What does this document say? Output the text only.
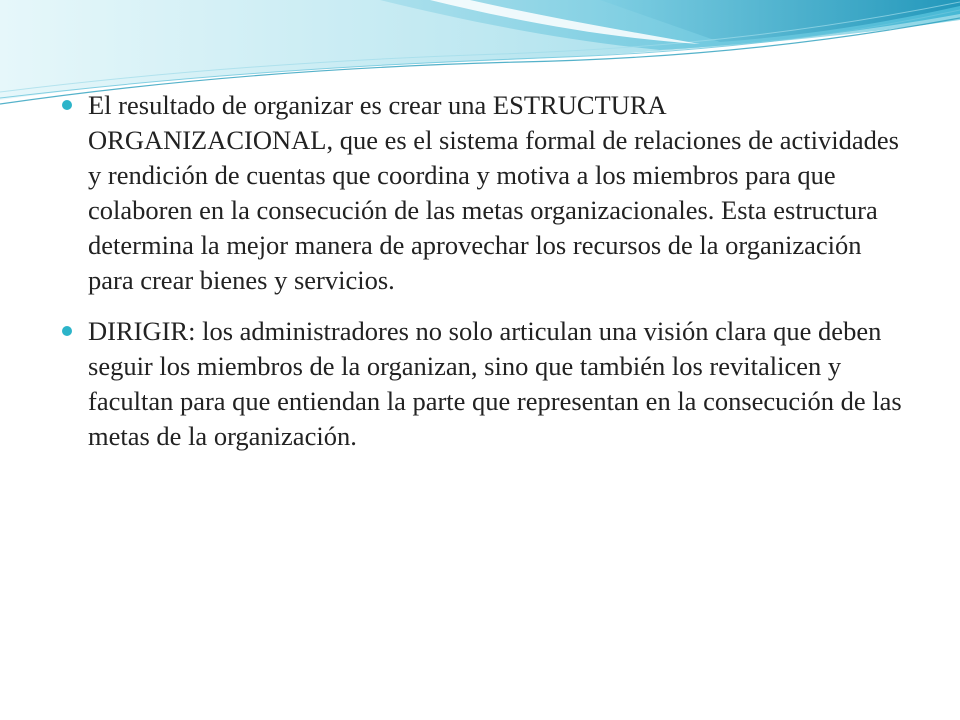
El resultado de organizar es crear una ESTRUCTURA ORGANIZACIONAL, que es el sistema formal de relaciones de actividades y rendición de cuentas que coordina y motiva a los miembros para que colaboren en la consecución de las metas organizacionales. Esta estructura determina la mejor manera de aprovechar los recursos de la organización para crear bienes y servicios.
DIRIGIR: los administradores no solo articulan una visión clara que deben seguir los miembros de la organizan, sino que también los revitalicen y facultan para que entiendan la parte que representan en la consecución de las metas de la organización.
